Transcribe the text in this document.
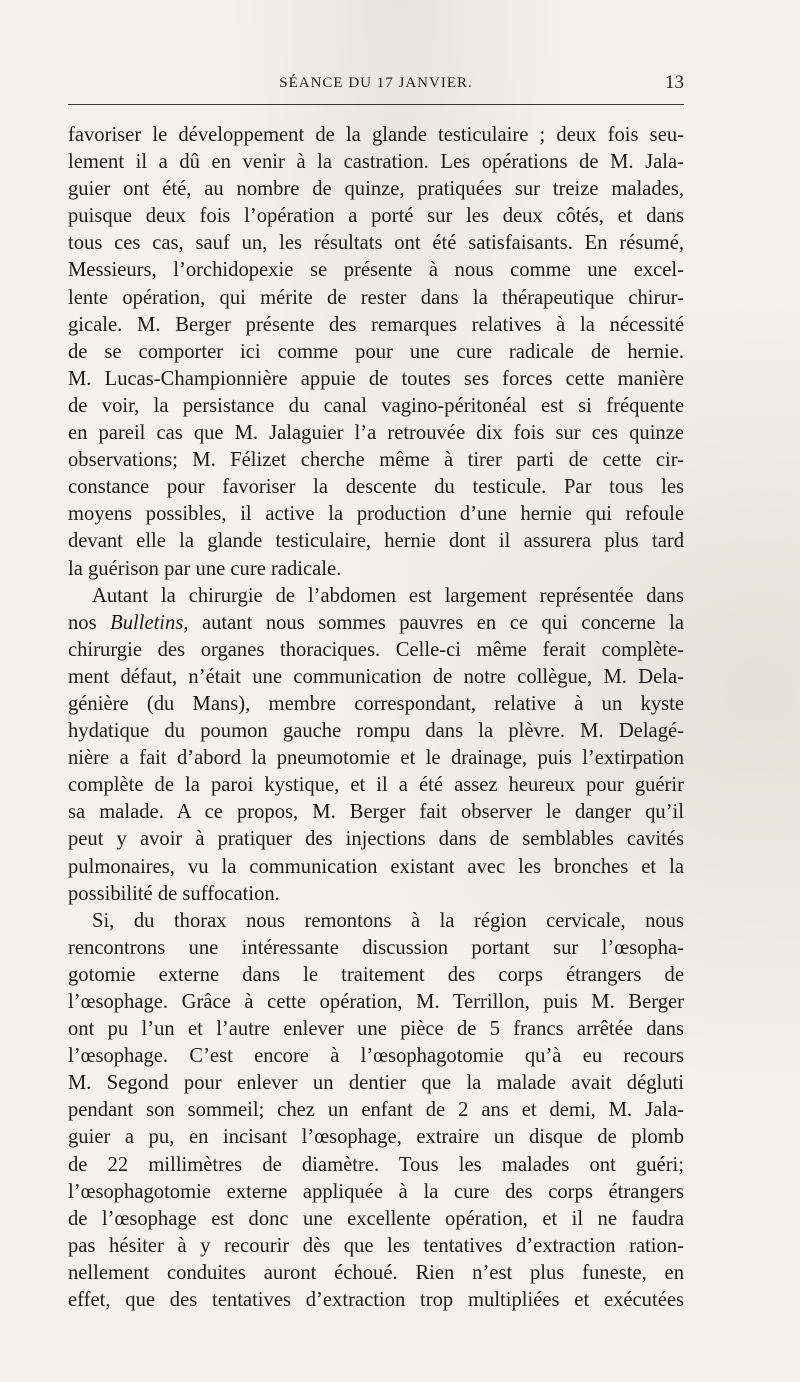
SÉANCE DU 17 JANVIER.	13

favoriser le développement de la glande testiculaire ; deux fois seu-
lement il a dû en venir à la castration. Les opérations de M. Jala-
guier ont été, au nombre de quinze, pratiquées sur treize malades,
puisque deux fois l’opération a porté sur les deux côtés, et dans
tous ces cas, sauf un, les résultats ont été satisfaisants. En résumé,
Messieurs, l’orchidopexie se présente à nous comme une excel-
lente opération, qui mérite de rester dans la thérapeutique chirur-
gicale. M. Berger présente des remarques relatives à la nécessité
de se comporter ici comme pour une cure radicale de hernie.
M. Lucas-Championnière appuie de toutes ses forces cette manière
de voir, la persistance du canal vagino-péritonéal est si fréquente
en pareil cas que M. Jalaguier l’a retrouvée dix fois sur ces quinze
observations; M. Félizet cherche même à tirer parti de cette cir-
constance pour favoriser la descente du testicule. Par tous les
moyens possibles, il active la production d’une hernie qui refoule
devant elle la glande testiculaire, hernie dont il assurera plus tard
la guérison par une cure radicale.

Autant la chirurgie de l’abdomen est largement représentée dans
nos Bulletins, autant nous sommes pauvres en ce qui concerne la
chirurgie des organes thoraciques. Celle-ci même ferait complète-
ment défaut, n’était une communication de notre collègue, M. Dela-
génière (du Mans), membre correspondant, relative à un kyste
hydatique du poumon gauche rompu dans la plèvre. M. Delagé-
nière a fait d’abord la pneumotomie et le drainage, puis l’extirpation
complète de la paroi kystique, et il a été assez heureux pour guérir
sa malade. A ce propos, M. Berger fait observer le danger qu’il
peut y avoir à pratiquer des injections dans de semblables cavités
pulmonaires, vu la communication existant avec les bronches et la
possibilité de suffocation.

Si, du thorax nous remontons à la région cervicale, nous
rencontrons une intéressante discussion portant sur l’œsopha-
gotomie externe dans le traitement des corps étrangers de
l’œsophage. Grâce à cette opération, M. Terrillon, puis M. Berger
ont pu l’un et l’autre enlever une pièce de 5 francs arrêtée dans
l’œsophage. C’est encore à l’œsophagotomie qu’à eu recours
M. Segond pour enlever un dentier que la malade avait dégluti
pendant son sommeil; chez un enfant de 2 ans et demi, M. Jala-
guier a pu, en incisant l’œsophage, extraire un disque de plomb
de 22 millimètres de diamètre. Tous les malades ont guéri;
l’œsophagotomie externe appliquée à la cure des corps étrangers
de l’œsophage est donc une excellente opération, et il ne faudra
pas hésiter à y recourir dès que les tentatives d’extraction ration-
nellement conduites auront échoué. Rien n’est plus funeste, en
effet, que des tentatives d’extraction trop multipliées et exécutées
